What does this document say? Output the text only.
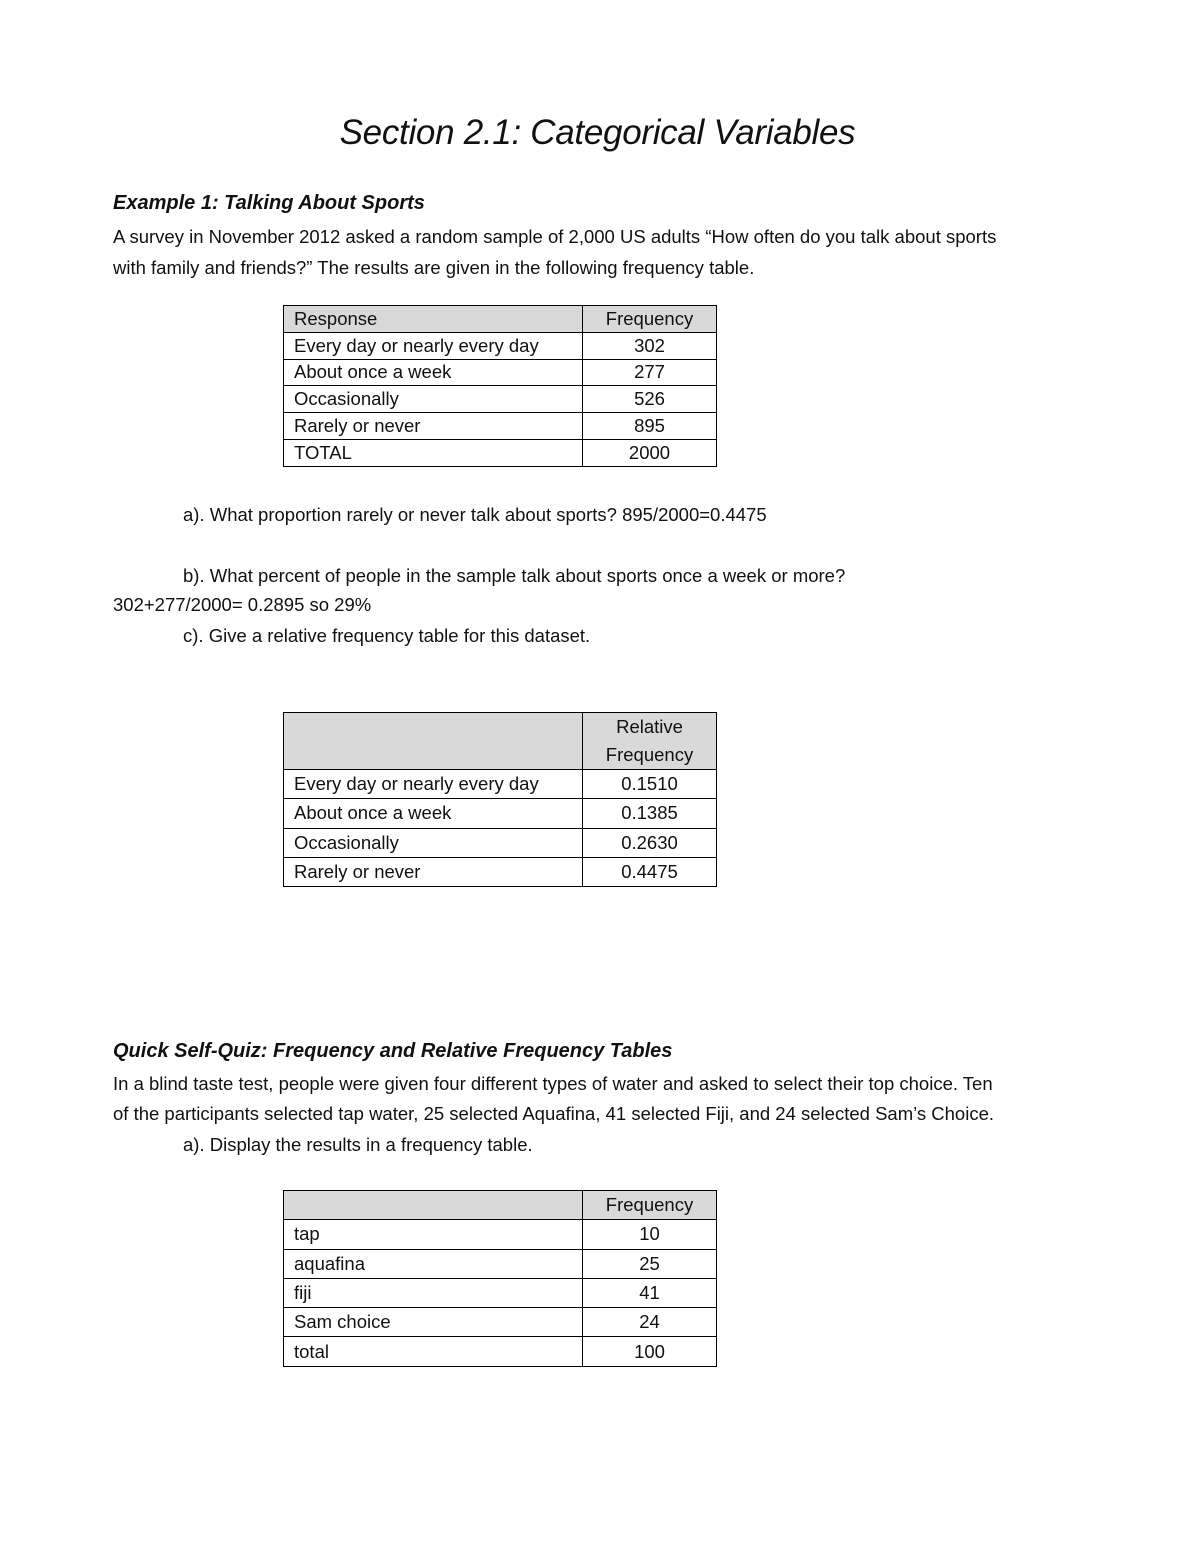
Section 2.1: Categorical Variables
Example 1: Talking About Sports
A survey in November 2012 asked a random sample of 2,000 US adults “How often do you talk about sports
with family and friends?” The results are given in the following frequency table.
Response	Frequency
Every day or nearly every day	302
About once a week	277
Occasionally	526
Rarely or never	895
TOTAL	2000
a). What proportion rarely or never talk about sports? 895/2000=0.4475
b). What percent of people in the sample talk about sports once a week or more?
302+277/2000= 0.2895 so 29%
c). Give a relative frequency table for this dataset.

	Relative
Frequency

Every day or nearly every day	0.1510
About once a week	0.1385
Occasionally	0.2630
Rarely or never	0.4475
Quick Self-Quiz: Frequency and Relative Frequency Tables
In a blind taste test, people were given four different types of water and asked to select their top choice. Ten
of the participants selected tap water, 25 selected Aquafina, 41 selected Fiji, and 24 selected Sam’s Choice.
a). Display the results in a frequency table.
	Frequency
tap	10
aquafina	25
fiji	41
Sam choice	24
total	100
